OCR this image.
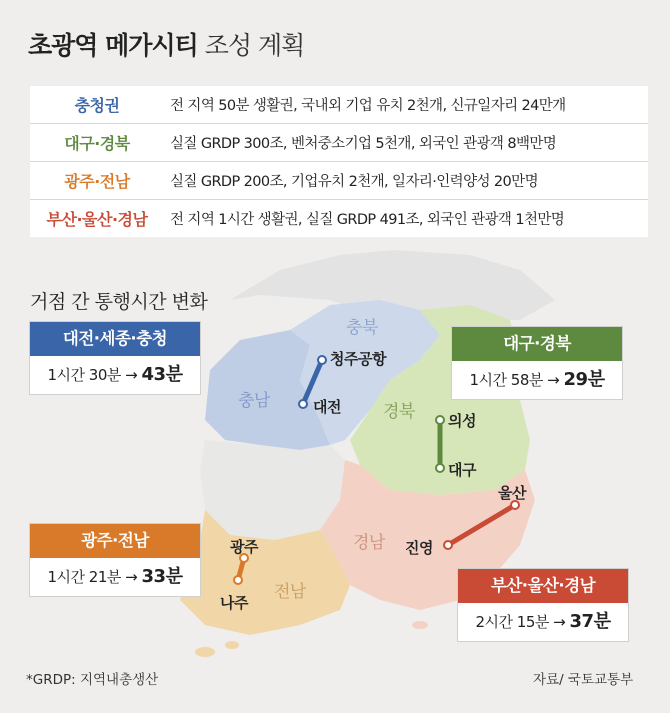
초광역 메가시티 조성 계획
충청권	전 지역 50분 생활권, 국내외 기업 유치 2천개, 신규일자리 24만개
대구·경북	실질 GRDP 300조, 벤처중소기업 5천개, 외국인 관광객 8백만명
광주·전남	실질 GRDP 200조, 기업유치 2천개, 일자리·인력양성 20만명
부산·울산·경남	전 지역 1시간 생활권, 실질 GRDP 491조, 외국인 관광객 1천만명
거점 간 통행시간 변화
충북
충남
경북
경남
전남
청주공항
대전
의성
대구
울산
진영
광주
나주
대전·세종·충청
1시간 30분 → 43분
대구·경북
1시간 58분 → 29분
광주·전남
1시간 21분 → 33분	부산·울산·경남
2시간 15분 → 37분
*GRDP: 지역내총생산	자료/ 국토교통부
